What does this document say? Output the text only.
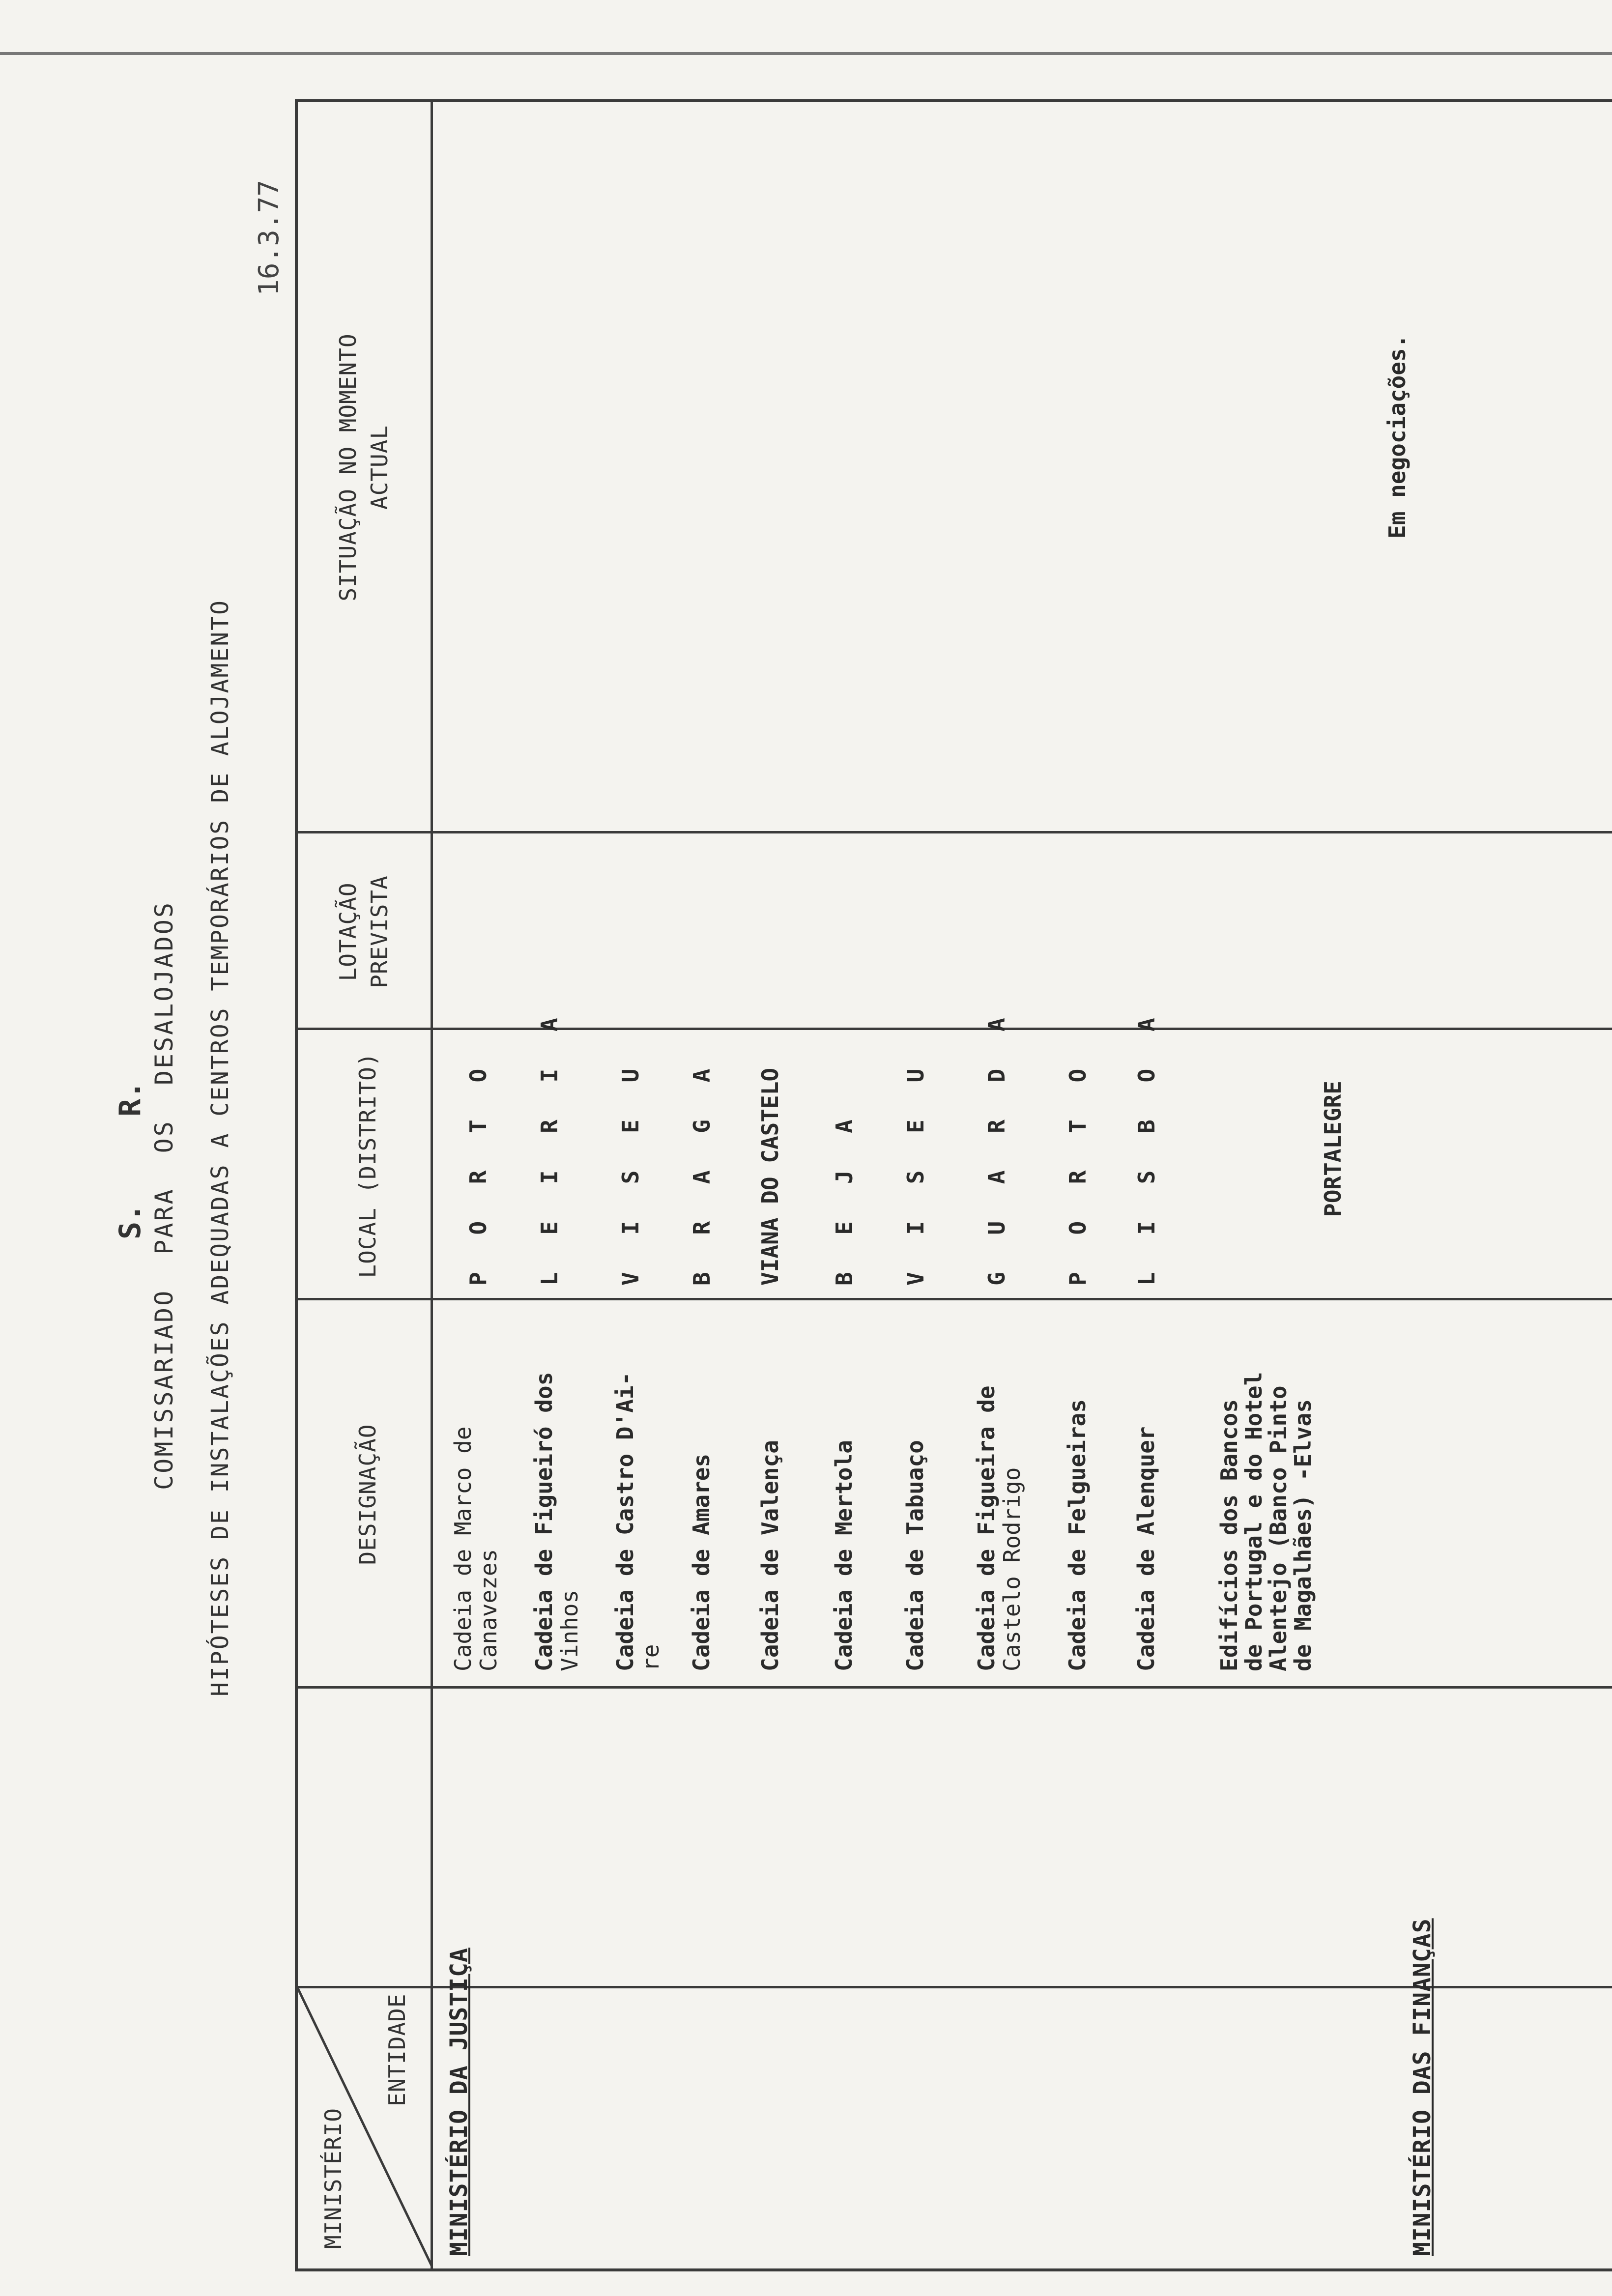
S.
R.
COMISSARIADOPARAOSDESALOJADOS HIPÓTESES DE INSTALAÇÕES ADEQUADAS A CENTROS TEMPORÁRIOS DE ALOJAMENTO
16.3.77
MINISTÉRIO
ENTIDADE
DESIGNAÇÃO
LOCAL (DISTRITO)
LOTAÇÃO PREVISTA
SITUAÇÃO NO MOMENTO ACTUAL
MINISTÉRIO DA JUSTIÇA
Cadeia de Marco de
Canavezes
P O R T O
Cadeia de Figueiró dos
Vinhos
L E I R I A
Cadeia de Castro D'Ai-
re
V I S E U
Cadeia de Amares
B R A G A
Cadeia de Valença
VIANA DO CASTELO
Cadeia de Mertola
B E J A
Cadeia de Tabuaço
V I S E U
Cadeia de Figueira de
Castelo Rodrigo
G U A R D A
Cadeia de Felgueiras
P O R T O
Cadeia de Alenquer
L I S B O A
Edifícios dos Bancos
de Portugal e do Hotel
Alentejo (Banco Pinto
de Magalhães) -Elvas
PORTALEGRE
Em negociações.
MINISTÉRIO DAS FINANÇAS
